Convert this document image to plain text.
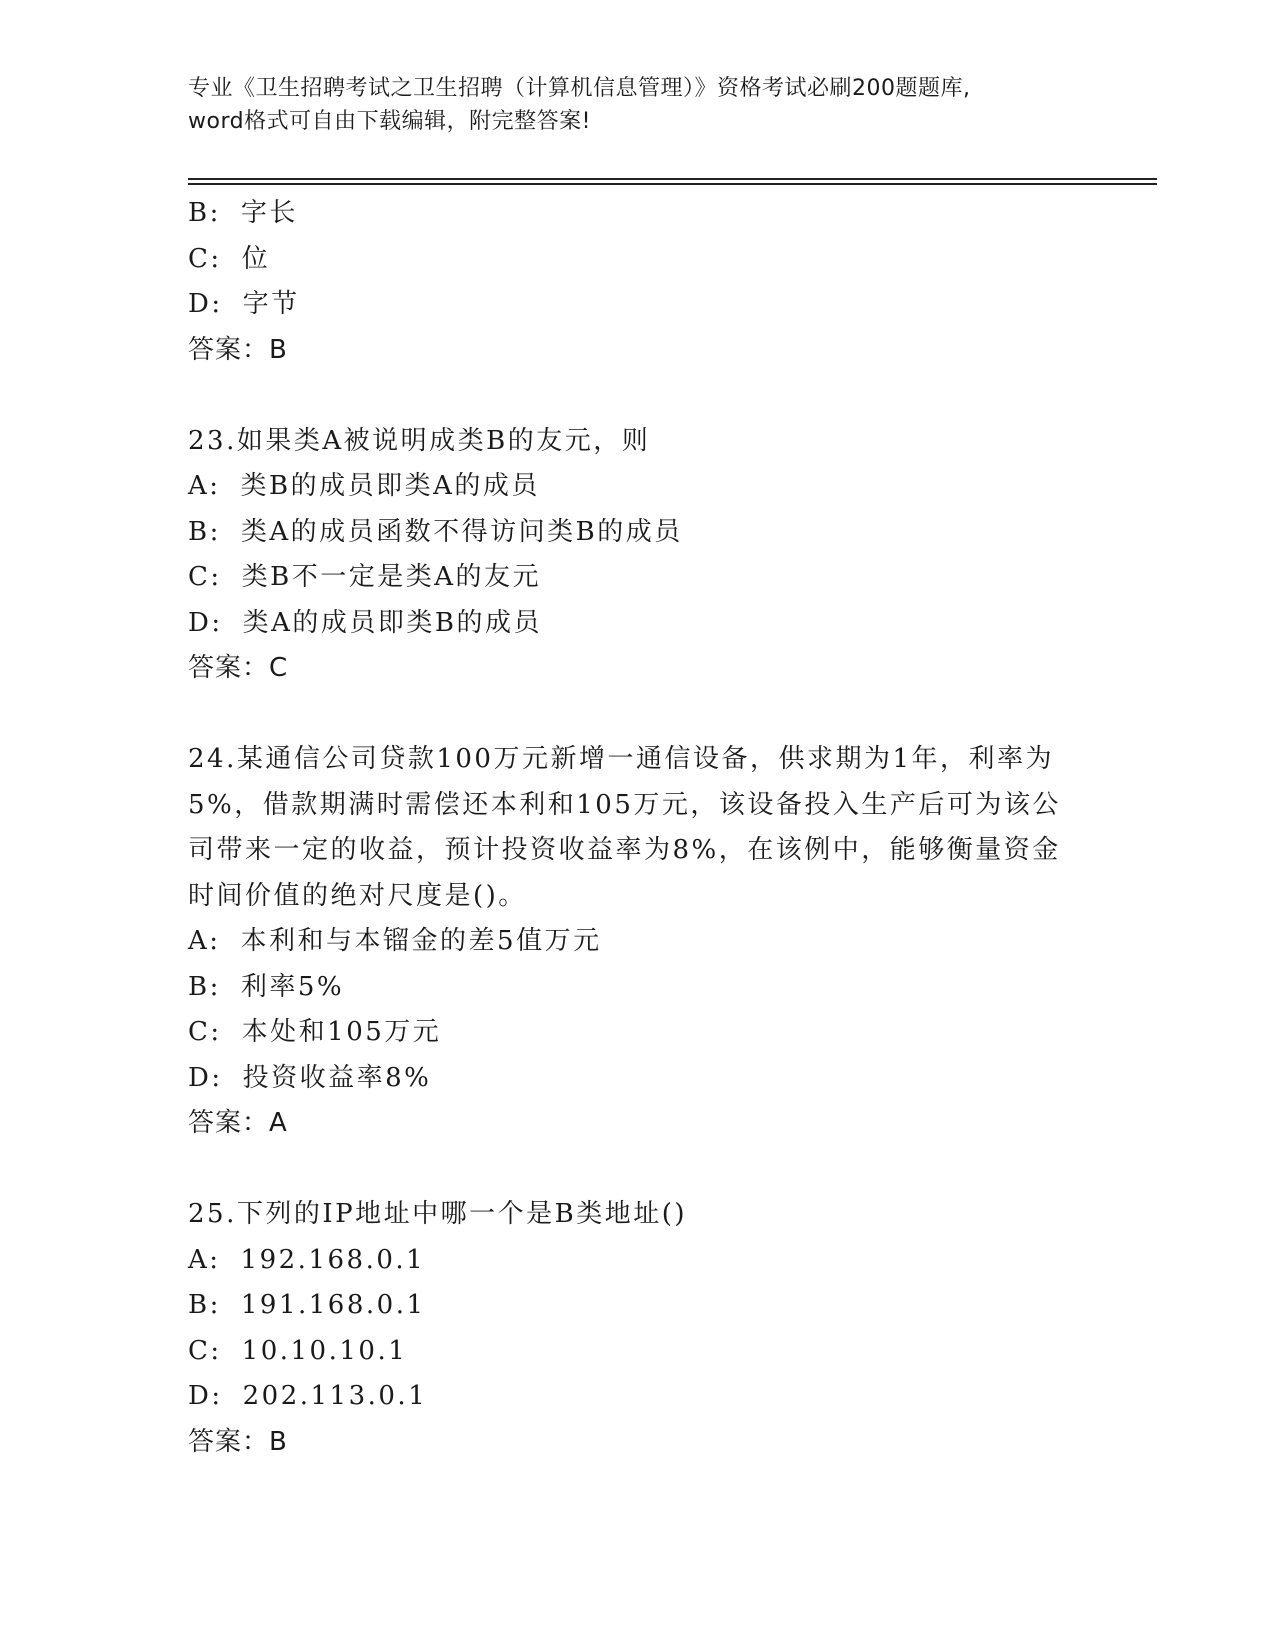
专业《卫生招聘考试之卫生招聘（计算机信息管理）》资格考试必刷200题题库,
word格式可自由下载编辑，附完整答案!
B: 字长
C: 位
D: 字节
答案：B
23.如果类A被说明成类B的友元，则
A: 类B的成员即类A的成员
B: 类A的成员函数不得访问类B的成员
C: 类B不一定是类A的友元
D: 类A的成员即类B的成员
答案：C
24.某通信公司贷款100万元新增一通信设备，供求期为1年，利率为
5%，借款期满时需偿还本利和105万元，该设备投入生产后可为该公
司带来一定的收益，预计投资收益率为8%，在该例中，能够衡量资金
时间价值的绝对尺度是()。
A: 本利和与本镏金的差5值万元
B: 利率5%
C: 本处和105万元
D: 投资收益率8%
答案：A
25.下列的IP地址中哪一个是B类地址()
A: 192.168.0.1
B: 191.168.0.1
C: 10.10.10.1
D: 202.113.0.1
答案：B
